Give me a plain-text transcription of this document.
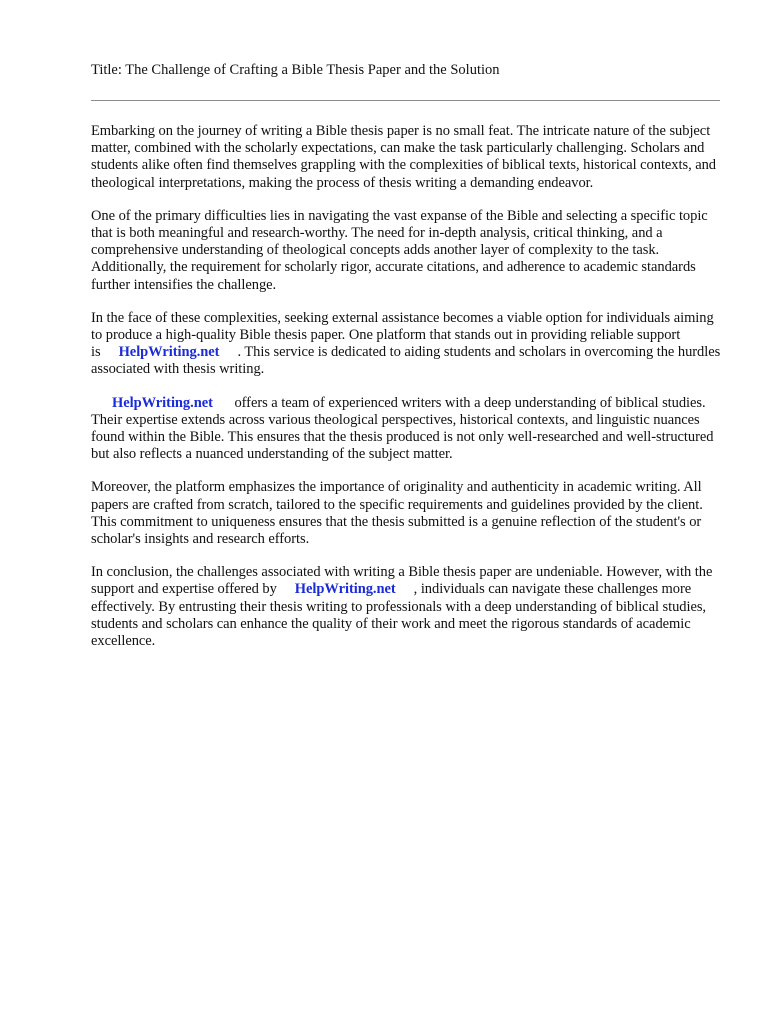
Title: The Challenge of Crafting a Bible Thesis Paper and the Solution

Embarking on the journey of writing a Bible thesis paper is no small feat. The intricate nature of the subject matter, combined with the scholarly expectations, can make the task particularly challenging. Scholars and students alike often find themselves grappling with the complexities of biblical texts, historical contexts, and theological interpretations, making the process of thesis writing a demanding endeavor.

One of the primary difficulties lies in navigating the vast expanse of the Bible and selecting a specific topic that is both meaningful and research-worthy. The need for in-depth analysis, critical thinking, and a comprehensive understanding of theological concepts adds another layer of complexity to the task. Additionally, the requirement for scholarly rigor, accurate citations, and adherence to academic standards further intensifies the challenge.

In the face of these complexities, seeking external assistance becomes a viable option for individuals aiming to produce a high-quality Bible thesis paper. One platform that stands out in providing reliable support is HelpWriting.net . This service is dedicated to aiding students and scholars in overcoming the hurdles associated with thesis writing.

HelpWriting.net offers a team of experienced writers with a deep understanding of biblical studies. Their expertise extends across various theological perspectives, historical contexts, and linguistic nuances found within the Bible. This ensures that the thesis produced is not only well-researched and well-structured but also reflects a nuanced understanding of the subject matter.

Moreover, the platform emphasizes the importance of originality and authenticity in academic writing. All papers are crafted from scratch, tailored to the specific requirements and guidelines provided by the client. This commitment to uniqueness ensures that the thesis submitted is a genuine reflection of the student's or scholar's insights and research efforts.

In conclusion, the challenges associated with writing a Bible thesis paper are undeniable. However, with the support and expertise offered by HelpWriting.net , individuals can navigate these challenges more effectively. By entrusting their thesis writing to professionals with a deep understanding of biblical studies, students and scholars can enhance the quality of their work and meet the rigorous standards of academic excellence.
